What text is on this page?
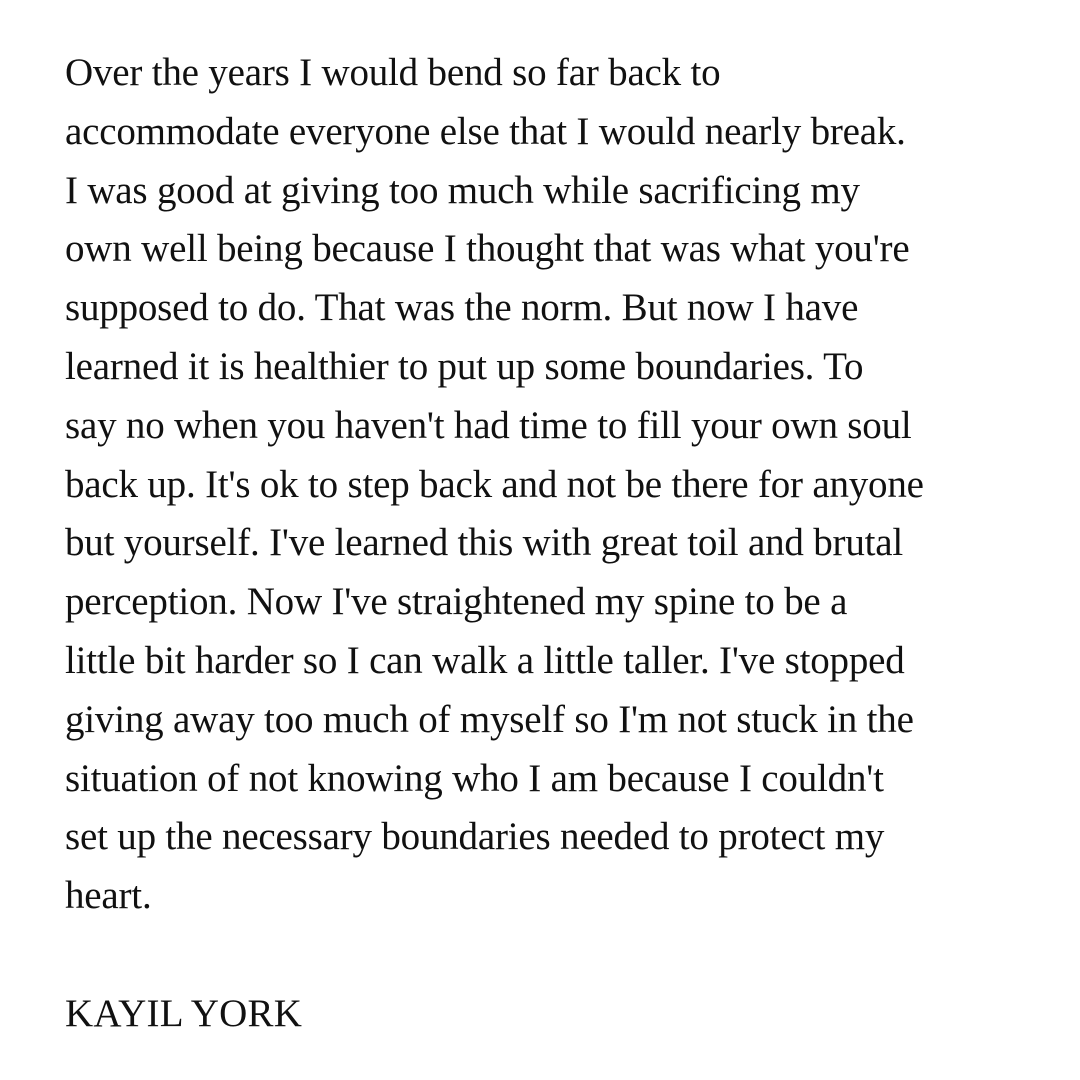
Over the years I would bend so far back to
accommodate everyone else that I would nearly break.
I was good at giving too much while sacrificing my
own well being because I thought that was what you're
supposed to do. That was the norm. But now I have
learned it is healthier to put up some boundaries. To
say no when you haven't had time to fill your own soul
back up. It's ok to step back and not be there for anyone
but yourself. I've learned this with great toil and brutal
perception. Now I've straightened my spine to be a
little bit harder so I can walk a little taller. I've stopped
giving away too much of myself so I'm not stuck in the
situation of not knowing who I am because I couldn't
set up the necessary boundaries needed to protect my
heart.
KAYIL YORK
